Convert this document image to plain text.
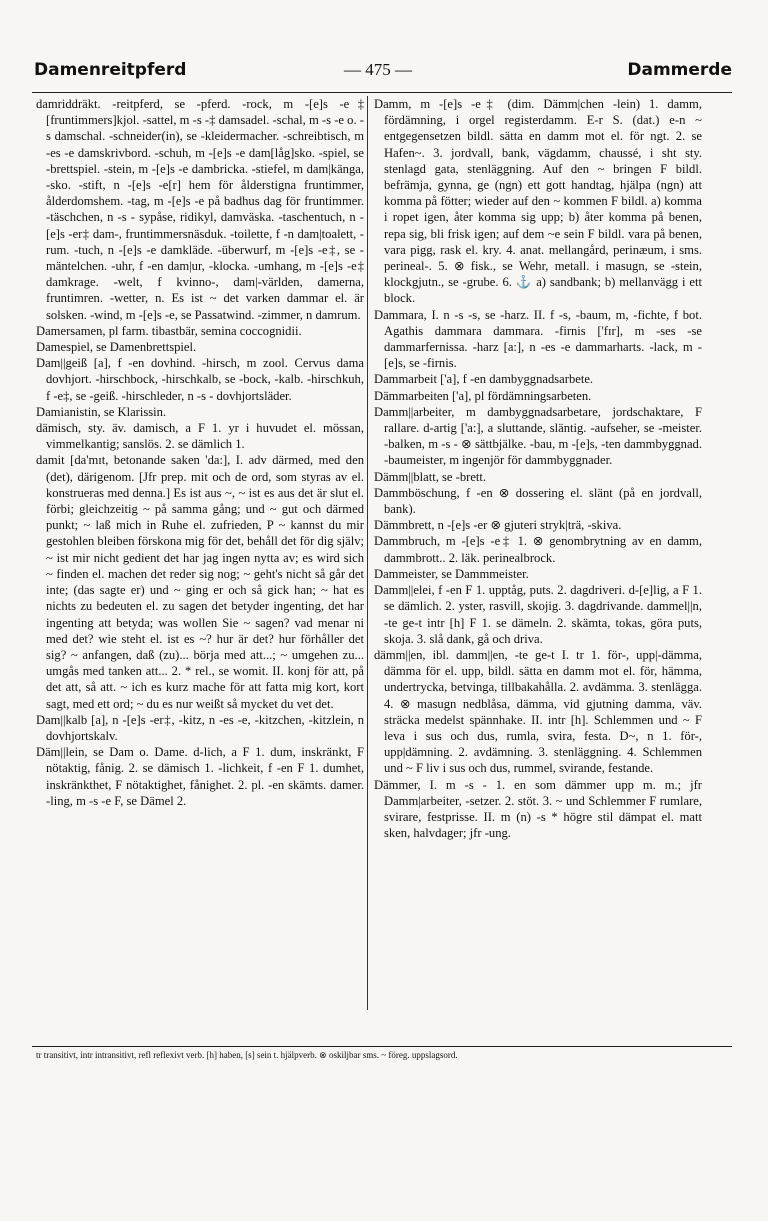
Damenreitpferd	— 475 —	Dammerde
damriddräkt. -reitpferd, se -pferd. -rock, m -[e]s -e‡ [fruntimmers]kjol. -sattel, m -s -‡ damsadel. -schal, m -s -e o. -s damschal. -schneider(in), se -kleidermacher. -schreibtisch, m -es -e damskrivbord. -schuh, m -[e]s -e dam[låg]sko. -spiel, se -brettspiel. -stein, m -[e]s -e dambricka. -stiefel, m dam|känga, -sko. -stift, n -[e]s -e[r] hem för ålderstigna fruntimmer, ålderdomshem. -tag, m -[e]s -e på badhus dag för fruntimmer. -täschchen, n -s - sypåse, ridikyl, damväska. -taschentuch, n -[e]s -er‡ dam-, fruntimmersnäsduk. -toilette, f -n dam|toalett, -rum. -tuch, n -[e]s -e damkläde. -überwurf, m -[e]s -e‡, se -mäntelchen. -uhr, f -en dam|ur, -klocka. -umhang, m -[e]s -e‡ damkrage. -welt, f kvinno-, dam|-världen, damerna, fruntimren. -wetter, n. Es ist ~ det varken dammar el. är solsken. -wind, m -[e]s -e, se Passatwind. -zimmer, n damrum.
Damersamen, pl farm. tibastbär, semina coccognidii.
Damespiel, se Damenbrettspiel.
Dam||geiß [a], f -en dovhind. -hirsch, m zool. Cervus dama dovhjort. -hirschbock, -hirschkalb, se -bock, -kalb. -hirschkuh, f -e‡, se -geiß. -hirschleder, n -s - dovhjortsläder.
Damianistin, se Klarissin.
dämisch, sty. äv. damisch, a F 1. yr i huvudet el. mössan, vimmelkantig; sanslös. 2. se dämlich 1.
damit [da'mɪt, betonande saken 'da:], I. adv därmed, med den (det), därigenom. [Jfr prep. mit och de ord, som styras av el. konstrueras med denna.] Es ist aus ~, ~ ist es aus det är slut el. förbi; gleichzeitig ~ på samma gång; und ~ gut och därmed punkt; ~ laß mich in Ruhe el. zufrieden, P ~ kannst du mir gestohlen bleiben förskona mig för det, behåll det för dig själv; ~ ist mir nicht gedient det har jag ingen nytta av; es wird sich ~ finden el. machen det reder sig nog; ~ geht's nicht så går det inte; (das sagte er) und ~ ging er och så gick han; ~ hat es nichts zu bedeuten el. zu sagen det betyder ingenting, det har ingenting att betyda; was wollen Sie ~ sagen? vad menar ni med det? wie steht el. ist es ~? hur är det? hur förhåller det sig? ~ anfangen, daß (zu)... börja med att...; ~ umgehen zu... umgås med tanken att... 2. * rel., se womit. II. konj för att, på det att, så att. ~ ich es kurz mache för att fatta mig kort, kort sagt, med ett ord; ~ du es nur weißt så mycket du vet det.
Dam||kalb [a], n -[e]s -er‡, -kitz, n -es -e, -kitzchen, -kitzlein, n dovhjortskalv.
Däm||lein, se Dam o. Dame. d-lich, a F 1. dum, inskränkt, F nötaktig, fånig. 2. se dämisch 1. -lichkeit, f -en F 1. dumhet, inskränkthet, F nötaktighet, fånighet. 2. pl. -en skämts. damer. -ling, m -s -e F, se Dämel 2.
Damm, m -[e]s -e‡ (dim. Dämm|chen -lein) 1. damm, fördämning, i orgel registerdamm. E-r S. (dat.) e-n ~ entgegensetzen bildl. sätta en damm mot el. för ngt. 2. se Hafen~. 3. jordvall, bank, vägdamm, chaussé, i sht sty. stenlagd gata, stenläggning. Auf den ~ bringen F bildl. befrämja, gynna, ge (ngn) ett gott handtag, hjälpa (ngn) att komma på fötter; wieder auf den ~ kommen F bildl. a) komma i ropet igen, åter komma sig upp; b) åter komma på benen, repa sig, bli frisk igen; auf dem ~e sein F bildl. vara på benen, vara pigg, rask el. kry. 4. anat. mellangård, perinæum, i sms. perineal-. 5. ⊗ fisk., se Wehr, metall. i masugn, se -stein, klockgjutn., se -grube. 6. ⚓ a) sandbank; b) mellanvägg i ett block.
Dammara, I. n -s -s, se -harz. II. f -s, -baum, m, -fichte, f bot. Agathis dammara dammara. -firnis ['fɪr], m -ses -se dammarfernissa. -harz [a:], n -es -e dammarharts. -lack, m -[e]s, se -firnis.
Dammarbeit ['a], f -en dambyggnadsarbete.
Dämmarbeiten ['a], pl fördämningsarbeten.
Damm||arbeiter, m dambyggnadsarbetare, jordschaktare, F rallare. d-artig ['a:], a sluttande, släntig. -aufseher, se -meister. -balken, m -s - ⊗ sättbjälke. -bau, m -[e]s, -ten dammbyggnad. -baumeister, m ingenjör för dammbyggnader.
Dämm||blatt, se -brett.
Dammböschung, f -en ⊗ dossering el. slänt (på en jordvall, bank).
Dämmbrett, n -[e]s -er ⊗ gjuteri stryk|trä, -skiva.
Dammbruch, m -[e]s -e‡ 1. ⊗ genombrytning av en damm, dammbrott.. 2. läk. perinealbrock.
Dammeister, se Dammmeister.
Damm||elei, f -en F 1. upptåg, puts. 2. dagdriveri. d-[e]lig, a F 1. se dämlich. 2. yster, rasvill, skojig. 3. dagdrivande. dammel||n, -te ge-t intr [h] F 1. se dämeln. 2. skämta, tokas, göra puts, skoja. 3. slå dank, gå och driva.
dämm||en, ibl. damm||en, -te ge-t I. tr 1. för-, upp|-dämma, dämma för el. upp, bildl. sätta en damm mot el. för, hämma, undertrycka, betvinga, tillbakahålla. 2. avdämma. 3. stenlägga. 4. ⊗ masugn nedblåsa, dämma, vid gjutning damma, väv. sträcka medelst spännhake. II. intr [h]. Schlemmen und ~ F leva i sus och dus, rumla, svira, festa. D~, n 1. för-, upp|dämning. 2. avdämning. 3. stenläggning. 4. Schlemmen und ~ F liv i sus och dus, rummel, svirande, festande.
Dämmer, I. m -s - 1. en som dämmer upp m. m.; jfr Damm|arbeiter, -setzer. 2. stöt. 3. ~ und Schlemmer F rumlare, svirare, festprisse. II. m (n) -s * högre stil dämpat el. matt sken, halvdager; jfr -ung.
tr transitivt, intr intransitivt, refl reflexivt verb. [h] haben, [s] sein t. hjälpverb. ⊗ oskiljbar sms. ~ föreg. uppslagsord.
